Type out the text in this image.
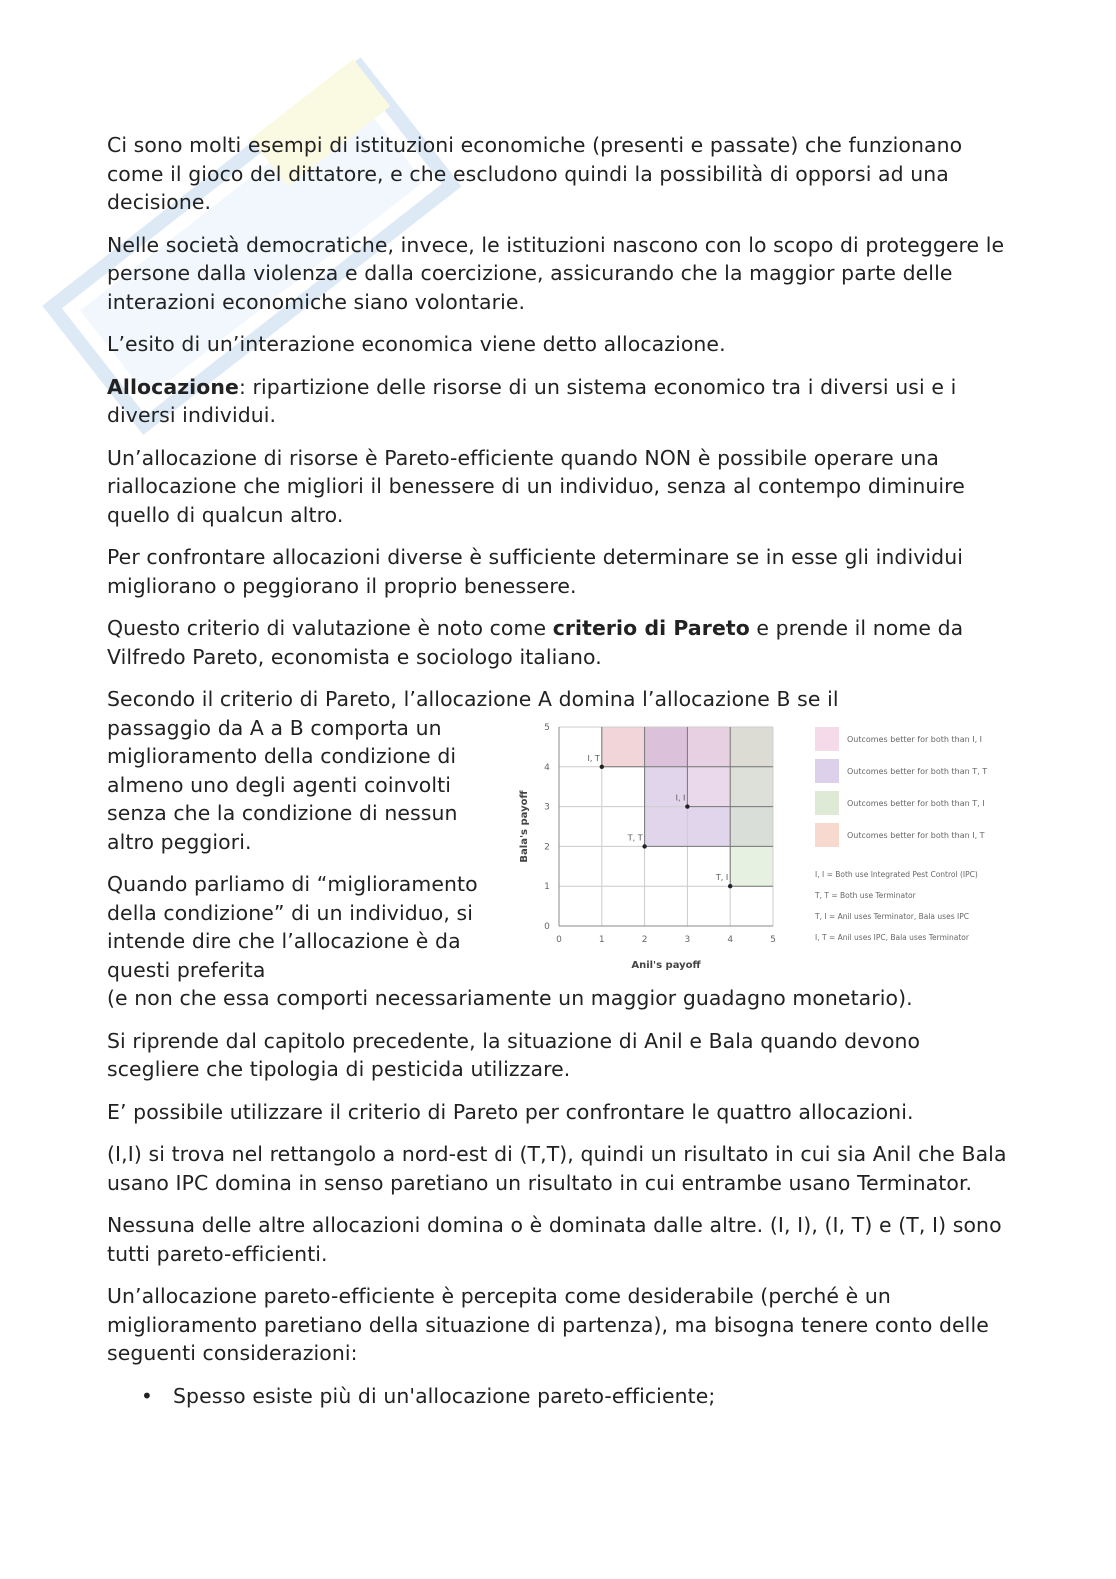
Ci sono molti esempi di istituzioni economiche (presenti e passate) che funzionano come il gioco del dittatore, e che escludono quindi la possibilità di opporsi ad una decisione.

Nelle società democratiche, invece, le istituzioni nascono con lo scopo di proteggere le persone dalla violenza e dalla coercizione, assicurando che la maggior parte delle interazioni economiche siano volontarie.

L’esito di un’interazione economica viene detto allocazione.

Allocazione: ripartizione delle risorse di un sistema economico tra i diversi usi e i diversi individui.

Un’allocazione di risorse è Pareto-efficiente quando NON è possibile operare una riallocazione che migliori il benessere di un individuo, senza al contempo diminuire quello di qualcun altro.

Per confrontare allocazioni diverse è sufficiente determinare se in esse gli individui migliorano o peggiorano il proprio benessere.

Questo criterio di valutazione è noto come criterio di Pareto e prende il nome da Vilfredo Pareto, economista e sociologo italiano.

Secondo il criterio di Pareto, l’allocazione A domina l’allocazione B se il
passaggio da A a B comporta un miglioramento della condizione di almeno uno degli agenti coinvolti senza che la condizione di nessun altro peggiori.
Quando parliamo di “miglioramento della condizione” di un individuo, si intende dire che l’allocazione è da questi preferita
(e non che essa comporti necessariamente un maggior guadagno monetario).

Si riprende dal capitolo precedente, la situazione di Anil e Bala quando devono scegliere che tipologia di pesticida utilizzare.

E’ possibile utilizzare il criterio di Pareto per confrontare le quattro allocazioni.

(I,I) si trova nel rettangolo a nord-est di (T,T), quindi un risultato in cui sia Anil che Bala usano IPC domina in senso paretiano un risultato in cui entrambe usano Terminator.

Nessuna delle altre allocazioni domina o è dominata dalle altre. (I, I), (I, T) e (T, I) sono tutti pareto-efficienti.

Un’allocazione pareto-efficiente è percepita come desiderabile (perché è un miglioramento paretiano della situazione di partenza), ma bisogna tenere conto delle seguenti considerazioni:

• Spesso esiste più di un'allocazione pareto-efficiente;
0	1	2	3	4	5
0
1
2
3
4
5
Anil's payoff
Bala's payoff
I, T
T, T
I, I
T, I
Outcomes better for both than I, I
Outcomes better for both than T, T
Outcomes better for both than T, I
Outcomes better for both than I, T
I, I = Both use Integrated Pest Control (IPC)
T, T = Both use Terminator
T, I = Anil uses Terminator, Bala uses IPC
I, T = Anil uses IPC, Bala uses Terminator
